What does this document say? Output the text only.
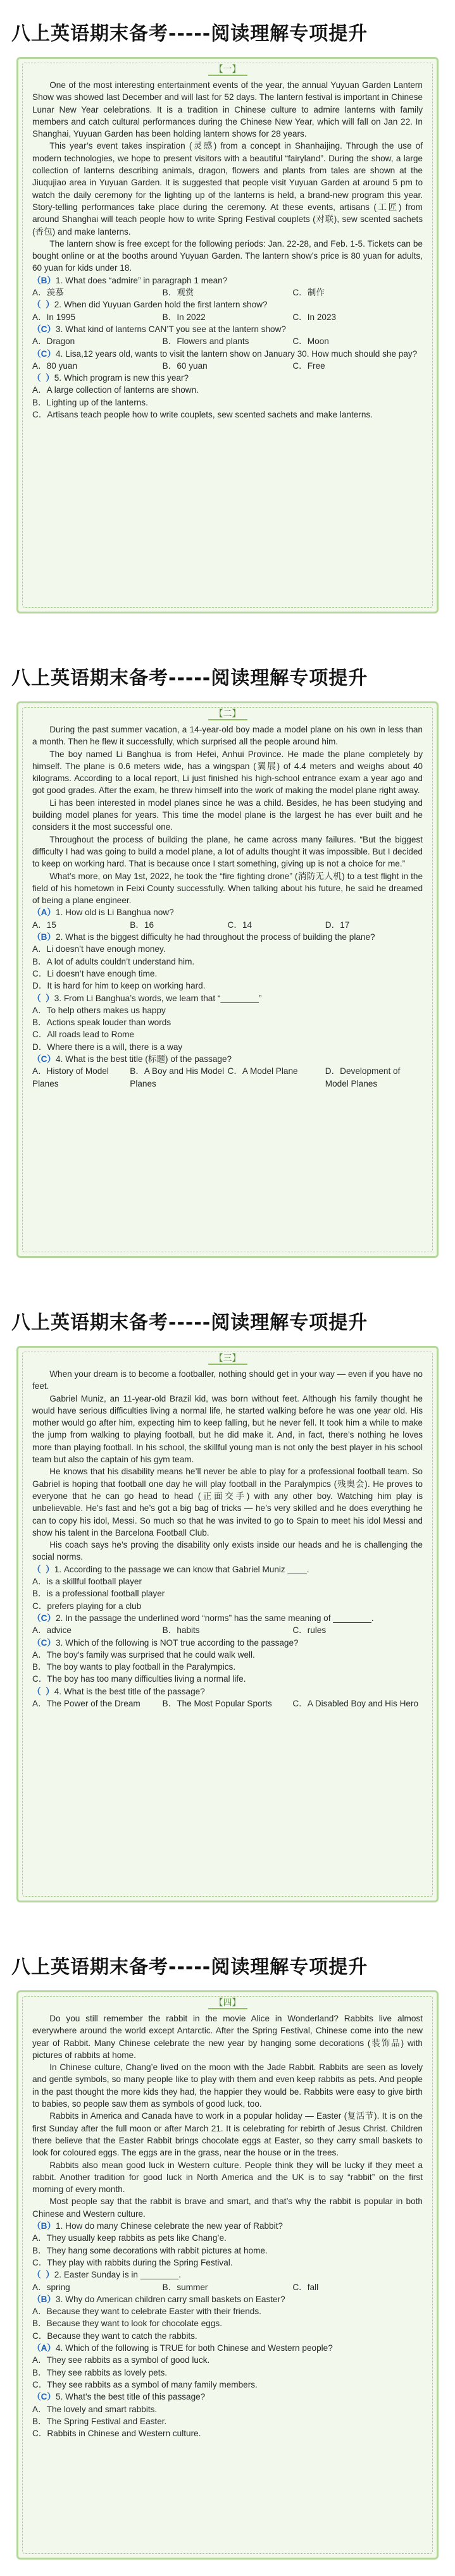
八上英语期末备考-----阅读理解专项提升
【一】

One of the most interesting entertainment events of the year, the annual Yuyuan Garden Lantern Show was showed last December and will last for 52 days. The lantern festival is important in Chinese Lunar New Year celebrations. It is a tradition in Chinese culture to admire lanterns with family members and catch cultural performances during the Chinese New Year, which will fall on Jan 22. In Shanghai, Yuyuan Garden has been holding lantern shows for 28 years.

This year’s event takes inspiration (灵感) from a concept in Shanhaijing. Through the use of modern technologies, we hope to present visitors with a beautiful “fairyland”. During the show, a large collection of lanterns describing animals, dragon, flowers and plants from tales are shown at the Jiuqujiao area in Yuyuan Garden. It is suggested that people visit Yuyuan Garden at around 5 pm to watch the daily ceremony for the lighting up of the lanterns is held, a brand-new program this year. Story-telling performances take place during the ceremony. At these events, artisans (工匠) from around Shanghai will teach people how to write Spring Festival couplets (对联), sew scented sachets (香包) and make lanterns.

The lantern show is free except for the following periods: Jan. 22-28, and Feb. 1-5. Tickets can be bought online or at the booths around Yuyuan Garden. The lantern show’s price is 80 yuan for adults, 60 yuan for kids under 18.

（B）1. What does “admire” in paragraph 1 mean?

A．羡慕	B．观赏	C．制作

（  ）2. When did Yuyuan Garden hold the first lantern show?

A．In 1995	B．In 2022	C．In 2023

（C）3. What kind of lanterns CAN’T you see at the lantern show?

A．Dragon	B．Flowers and plants	C．Moon

（C）4. Lisa,12 years old, wants to visit the lantern show on January 30. How much should she pay?

A．80 yuan	B．60 yuan	C．Free

（  ）5. Which program is new this year?

A．A large collection of lanterns are shown.

B．Lighting up of the lanterns.

C．Artisans teach people how to write couplets, sew scented sachets and make lanterns.

八上英语期末备考-----阅读理解专项提升
【二】

During the past summer vacation, a 14-year-old boy made a model plane on his own in less than a month. Then he flew it successfully, which surprised all the people around him.

The boy named Li Banghua is from Hefei, Anhui Province. He made the plane completely by himself. The plane is 0.6 meters wide, has a wingspan (翼展) of 4.4 meters and weighs about 40 kilograms. According to a local report, Li just finished his high-school entrance exam a year ago and got good grades. After the exam, he threw himself into the work of making the model plane right away.

Li has been interested in model planes since he was a child. Besides, he has been studying and building model planes for years. This time the model plane is the largest he has ever built and he considers it the most successful one.

Throughout the process of building the plane, he came across many failures. “But the biggest difficulty I had was going to build a model plane, a lot of adults thought it was impossible. But I decided to keep on working hard. That is because once I start something, giving up is not a choice for me.”

What’s more, on May 1st, 2022, he took the “fire fighting drone” (消防无人机) to a test flight in the field of his hometown in Feixi County successfully. When talking about his future, he said he dreamed of being a plane engineer.

（A）1. How old is Li Banghua now?

A．15	B．16	C．14	D．17

（B）2. What is the biggest difficulty he had throughout the process of building the plane?

A．Li doesn’t have enough money.

B．A lot of adults couldn’t understand him.

C．Li doesn’t have enough time.

D．It is hard for him to keep on working hard.

（  ）3. From Li Banghua’s words, we learn that “________”

A．To help others makes us happy

B．Actions speak louder than words

C．All roads lead to Rome

D．Where there is a will, there is a way

（C）4. What is the best title (标题) of the passage?

A．History of Model Planes
B．A Boy and His Model Planes
C．A Model Plane	D．Development of Model Planes

八上英语期末备考-----阅读理解专项提升
【三】

When your dream is to become a footballer, nothing should get in your way — even if you have no feet.

Gabriel Muniz, an 11-year-old Brazil kid, was born without feet. Although his family thought he would have serious difficulties living a normal life, he started walking before he was one year old. His mother would go after him, expecting him to keep falling, but he never fell. It took him a while to make the jump from walking to playing football, but he did make it. And, in fact, there’s nothing he loves more than playing football. In his school, the skillful young man is not only the best player in his school team but also the captain of his gym team.

He knows that his disability means he’ll never be able to play for a professional football team. So Gabriel is hoping that football one day he will play football in the Paralympics (残奥会). He proves to everyone that he can go head to head (正面交手) with any other boy. Watching him play is unbelievable. He’s fast and he’s got a big bag of tricks — he’s very skilled and he does everything he can to copy his idol, Messi. So much so that he was invited to go to Spain to meet his idol Messi and show his talent in the Barcelona Football Club.

His coach says he’s proving the disability only exists inside our heads and he is challenging the social norms.

（  ）1. According to the passage we can know that Gabriel Muniz ____.

A．is a skillful football player

B．is a professional football player

C．prefers playing for a club

（C）2. In the passage the underlined word “norms” has the same meaning of ________.

A．advice	B．habits	C．rules

（C）3. Which of the following is NOT true according to the passage?

A．The boy’s family was surprised that he could walk well.

B．The boy wants to play football in the Paralympics.

C．The boy has too many difficulties living a normal life.

（  ）4. What is the best title of the passage?

A．The Power of the Dream	B．The Most Popular Sports	C．A Disabled Boy and His Hero

八上英语期末备考-----阅读理解专项提升
【四】

Do you still remember the rabbit in the movie Alice in Wonderland? Rabbits live almost everywhere around the world except Antarctic. After the Spring Festival, Chinese come into the new year of Rabbit. Many Chinese celebrate the new year by hanging some decorations (装饰品) with pictures of rabbits at home.

In Chinese culture, Chang’e lived on the moon with the Jade Rabbit. Rabbits are seen as lovely and gentle symbols, so many people like to play with them and even keep rabbits as pets. And people in the past thought the more kids they had, the happier they would be. Rabbits were easy to give birth to babies, so people saw them as symbols of good luck, too.

Rabbits in America and Canada have to work in a popular holiday — Easter (复活节). It is on the first Sunday after the full moon or after March 21. It is celebrating for rebirth of Jesus Christ. Children there believe that the Easter Rabbit brings chocolate eggs at Easter, so they carry small baskets to look for coloured eggs. The eggs are in the grass, near the house or in the trees.

Rabbits also mean good luck in Western culture. People think they will be lucky if they meet a rabbit. Another tradition for good luck in North America and the UK is to say “rabbit” on the first morning of every month.

Most people say that the rabbit is brave and smart, and that’s why the rabbit is popular in both Chinese and Western culture.

（B）1. How do many Chinese celebrate the new year of Rabbit?

A．They usually keep rabbits as pets like Chang’e.

B．They hang some decorations with rabbit pictures at home.

C．They play with rabbits during the Spring Festival.

（  ）2. Easter Sunday is in ________.

A．spring	B．summer	C．fall

（B）3. Why do American children carry small baskets on Easter?

A．Because they want to celebrate Easter with their friends.

B．Because they want to look for chocolate eggs.

C．Because they want to catch the rabbits.

（A）4. Which of the following is TRUE for both Chinese and Western people?

A．They see rabbits as a symbol of good luck.

B．They see rabbits as lovely pets.

C．They see rabbits as a symbol of many family members.

（C）5. What’s the best title of this passage?

A．The lovely and smart rabbits.

B．The Spring Festival and Easter.

C．Rabbits in Chinese and Western culture.
